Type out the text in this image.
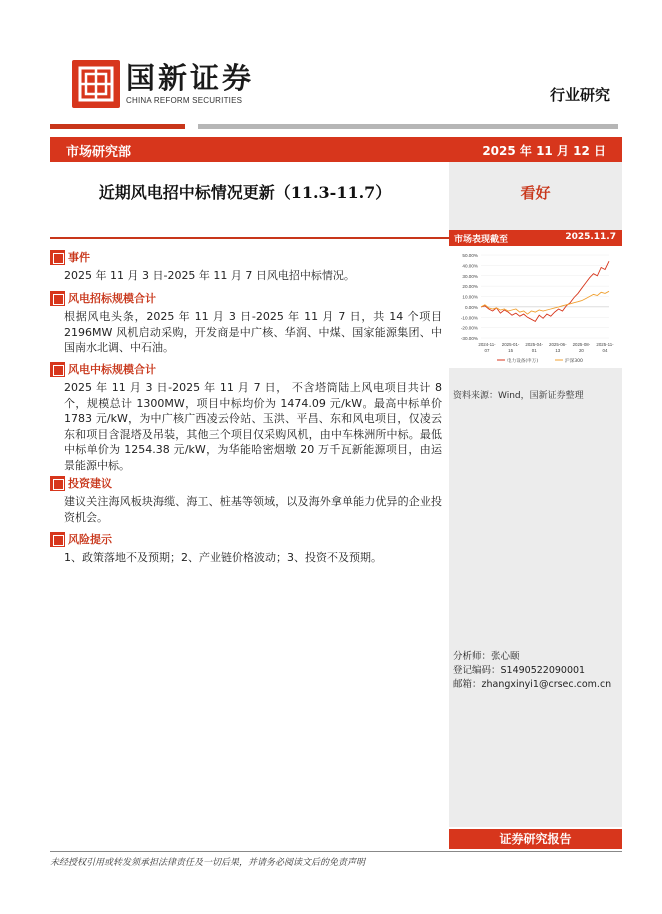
国新证券
CHINA REFORM SECURITIES	行业研究
市场研究部	2025 年 11 月 12 日
近期风电招中标情况更新（11.3-11.7）	看好
市场表现截至	2025.11.7
50.00%
40.00%
30.00%
20.00%
10.00%
0.00%
-10.00%
-20.00%
-30.00%
2024-11-
07
2025-01-
15
2025-04-
01
2025-06-
13
2025-08-
20
2025-11-
04
电力设备(申万)	沪深300
资料来源：Wind，国新证券整理
事件
2025 年 11 月 3 日-2025 年 11 月 7 日风电招中标情况。
风电招标规模合计
根据风电头条，2025 年 11 月 3 日-2025 年 11 月 7 日，共 14 个项目 2196MW 风机启动采购，开发商是中广核、华润、中煤、国家能源集团、中国南水北调、中石油。
风电中标规模合计
2025 年 11 月 3 日-2025 年 11 月 7 日， 不含塔筒陆上风电项目共计 8 个，规模总计 1300MW，项目中标均价为 1474.09 元/kW。最高中标单价 1783 元/kW，为中广核广西凌云伶站、玉洪、平昌、东和风电项目，仅凌云东和项目含混塔及吊装，其他三个项目仅采购风机，由中车株洲所中标。最低中标单价为 1254.38 元/kW，为华能哈密烟墩 20 万千瓦新能源项目，由运景能源中标。
投资建议
建议关注海风板块海缆、海工、桩基等领域，以及海外拿单能力优异的企业投资机会。
风险提示
1、政策落地不及预期；2、产业链价格波动；3、投资不及预期。
分析师：张心颐
登记编码：S1490522090001
邮箱：zhangxinyi1@crsec.com.cn
证券研究报告
未经授权引用或转发须承担法律责任及一切后果，并请务必阅读文后的免责声明
